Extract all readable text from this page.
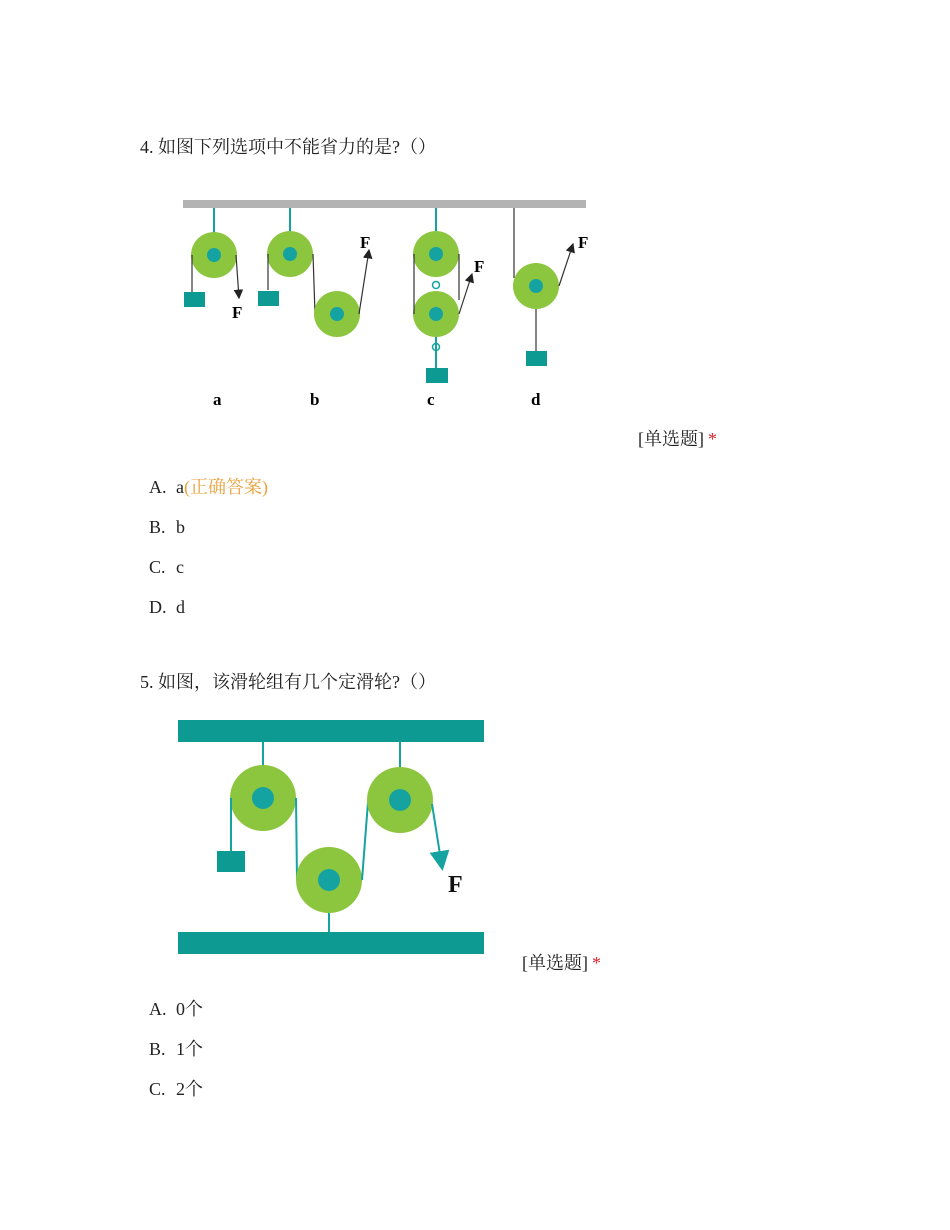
4. 如图下列选项中不能省力的是?（）
F
F
F
F
a	b	c	d
[单选题] *
A. a(正确答案)
B. b
C. c
D. d
5. 如图，该滑轮组有几个定滑轮?（）
F
[单选题] *
A. 0个
B. 1个
C. 2个
